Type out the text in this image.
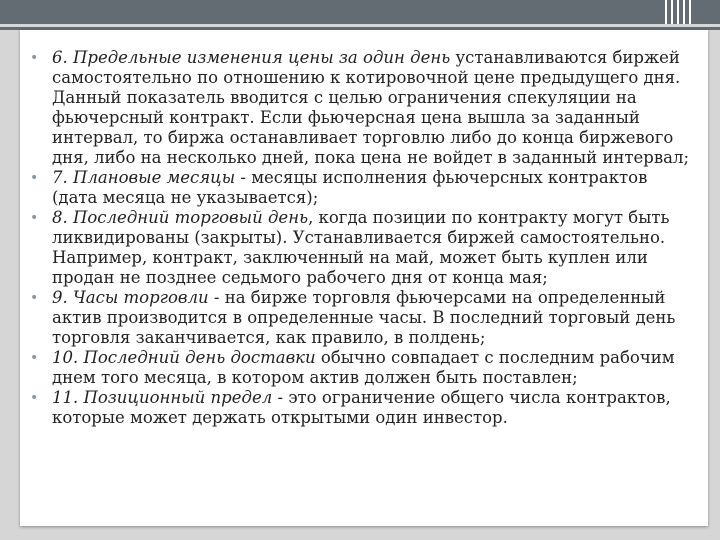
• 6. Предельные изменения цены за один день устанавливаются биржей самостоятельно по отношению к котировочной цене предыдущего дня. Данный показатель вводится с целью ограничения спекуляции на фьючерсный контракт. Если фьючерсная цена вышла за заданный интервал, то биржа останавливает торговлю либо до конца биржевого дня, либо на несколько дней, пока цена не войдет в заданный интервал;
• 7. Плановые месяцы - месяцы исполнения фьючерсных контрактов (дата месяца не указывается);
• 8. Последний торговый день, когда позиции по контракту могут быть ликвидированы (закрыты). Устанавливается биржей самостоятельно. Например, контракт, заключенный на май, может быть куплен или продан не позднее седьмого рабочего дня от конца мая;
• 9. Часы торговли - на бирже торговля фьючерсами на определенный актив производится в определенные часы. В последний торговый день торговля заканчивается, как правило, в полдень;
• 10. Последний день доставки обычно совпадает с последним рабочим днем того месяца, в котором актив должен быть поставлен;
• 11. Позиционный предел - это ограничение общего числа контрактов, которые может держать открытыми один инвестор.
